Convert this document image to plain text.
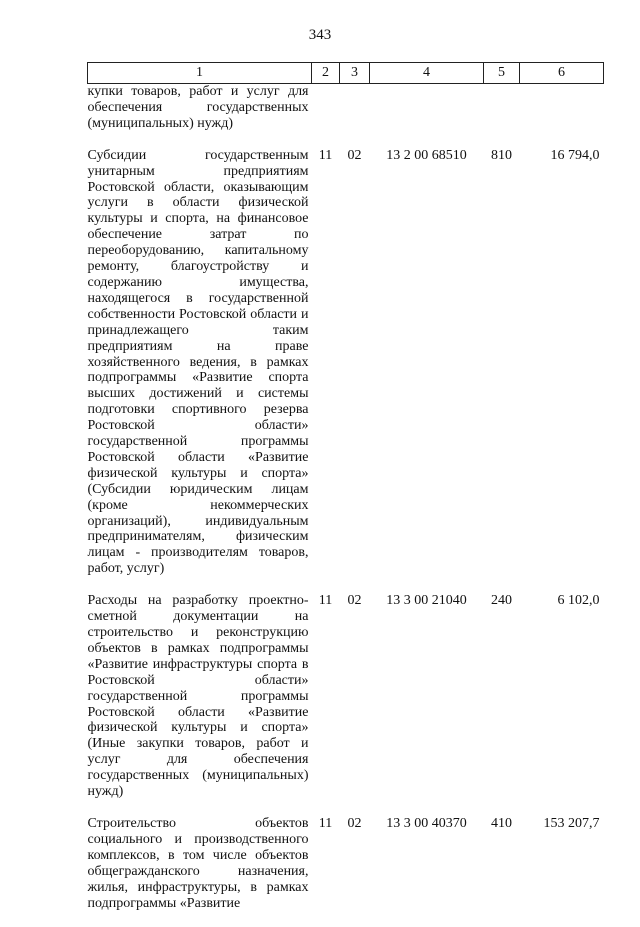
343
1	2	3	4	5	6
купки товаров, работ и услуг для обеспечения государственных (муниципальных) нужд)					
Субсидии государственным унитарным предприятиям Ростовской области, оказывающим услуги в области физической культуры и спорта, на финансовое обеспечение затрат по переоборудованию, капитальному ремонту, благоустройству и содержанию имущества, находящегося в государственной собственности Ростовской области и принадлежащего таким предприятиям на праве хозяйственного ведения, в рамках подпрограммы «Развитие спорта высших достижений и системы подготовки спортивного резерва Ростовской области» государственной программы Ростовской области «Развитие физической культуры и спорта» (Субсидии юридическим лицам (кроме некоммерческих организаций), индивидуальным предпринимателям, физическим лицам - производителям товаров, работ, услуг)	11	02	13 2 00 68510	810	16 794,0
Расходы на разработку проектно-сметной документации на строительство и реконструкцию объектов в рамках подпрограммы «Развитие инфраструктуры спорта в Ростовской области» государственной программы Ростовской области «Развитие физической культуры и спорта» (Иные закупки товаров, работ и услуг для обеспечения государственных (муниципальных) нужд)	11	02	13 3 00 21040	240	6 102,0
Строительство объектов социального и производственного комплексов, в том числе объектов общегражданского назначения, жилья, инфраструктуры, в рамках подпрограммы «Развитие	11	02	13 3 00 40370	410	153 207,7
